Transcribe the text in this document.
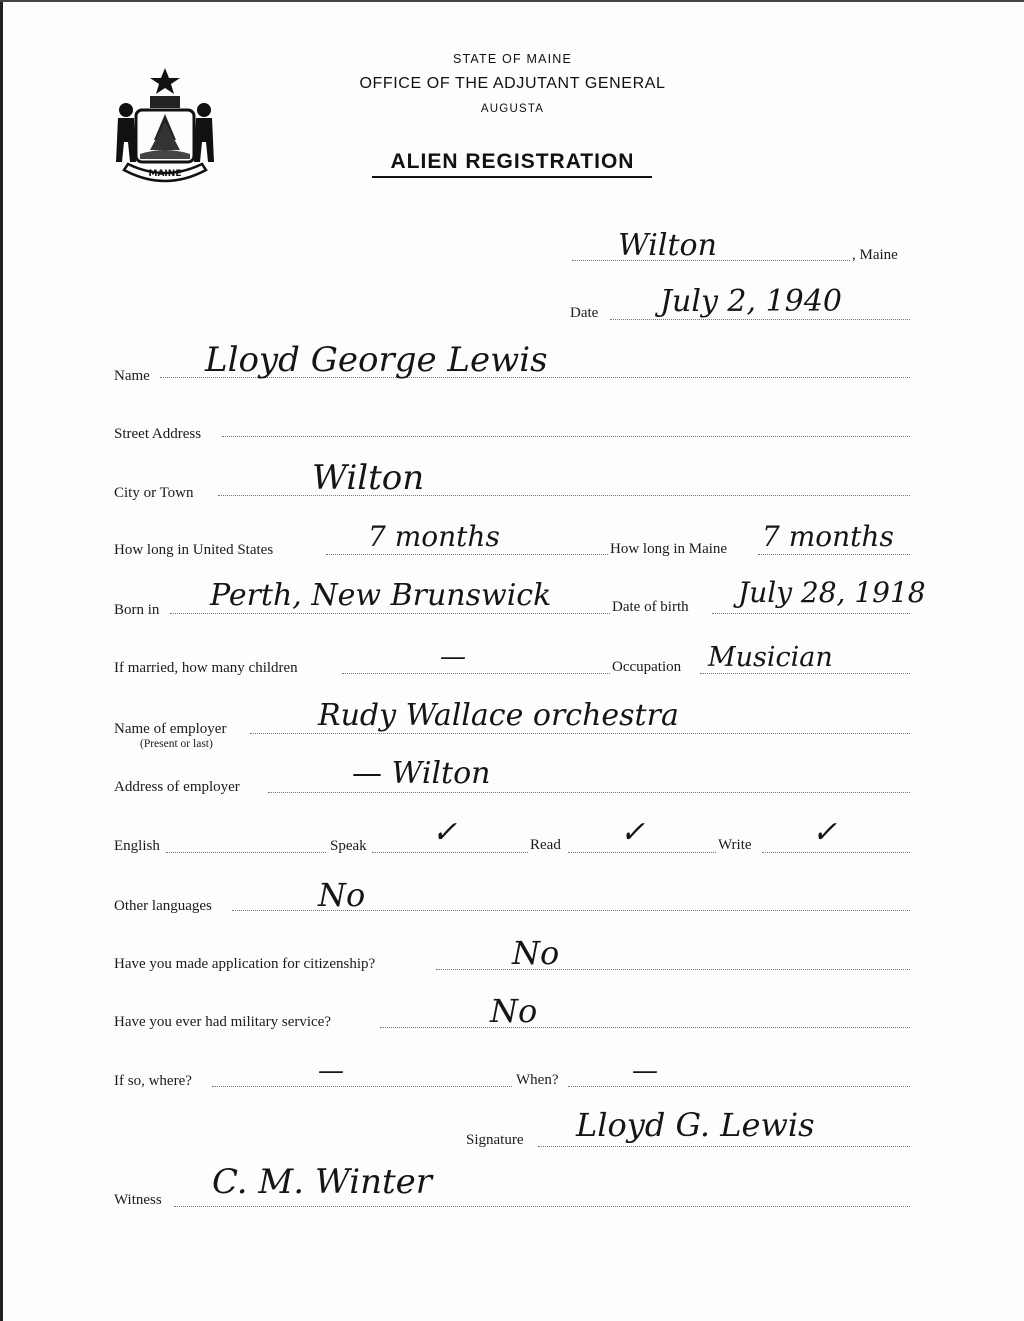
MAINE
STATE OF MAINE
OFFICE OF THE ADJUTANT GENERAL
AUGUSTA
ALIEN REGISTRATION
Wilton	, Maine
Date July 2, 1940
Name Lloyd George Lewis
Street Address
City or Town	Wilton
How long in United States	7 months	How long in Maine 7 months
Born in Perth, New Brunswick	Date of birth July 28, 1918
If married, how many children	—	Occupation Musician
Name of employer
(Present or last)
Rudy Wallace orchestra
Address of employer	— Wilton
English	Speak ✓	Read ✓	Write ✓
Other languages	No
Have you made application for citizenship?	No
Have you ever had military service?	No
If so, where?	—	When?	—
Signature Lloyd G. Lewis
Witness C. M. Winter
